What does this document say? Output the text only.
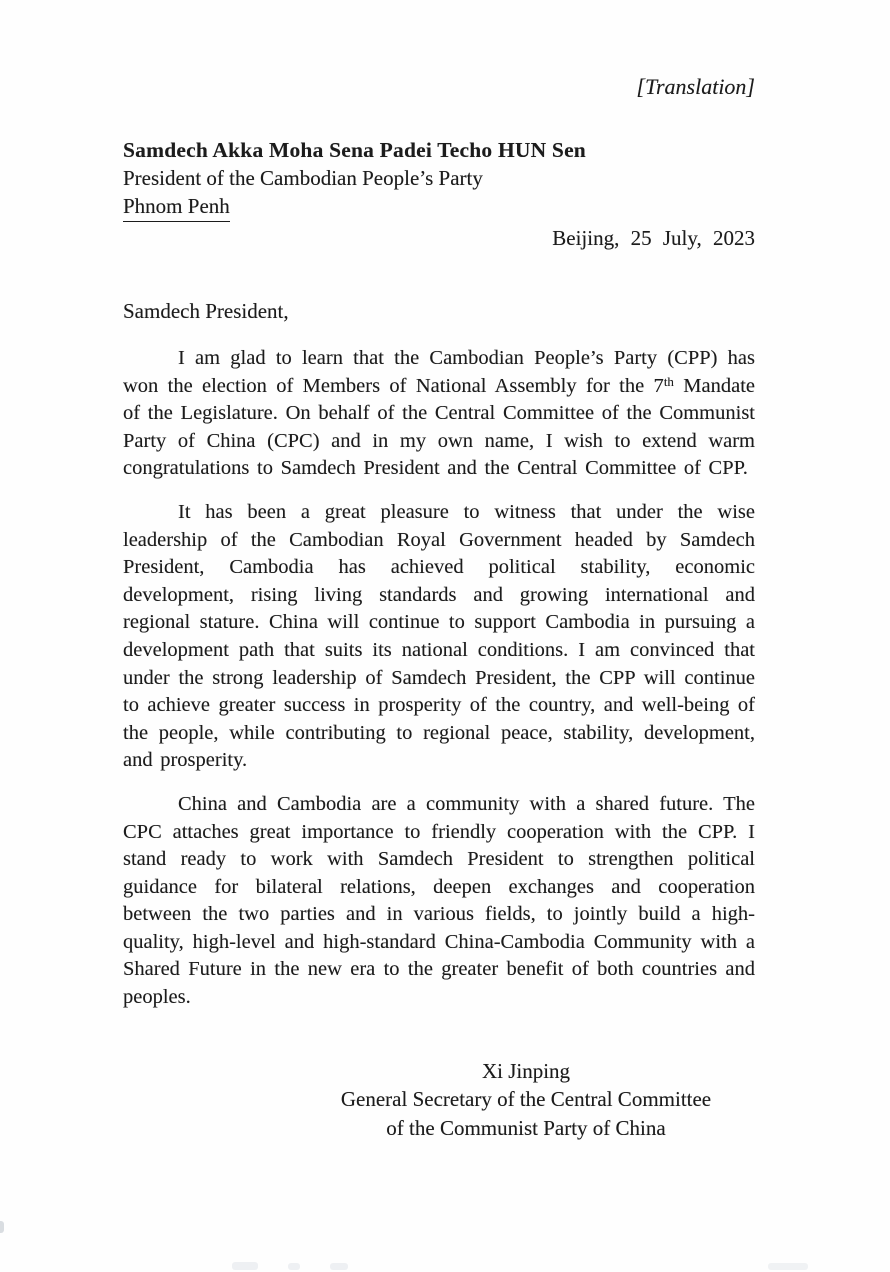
[Translation]
Samdech Akka Moha Sena Padei Techo HUN Sen
President of the Cambodian People’s Party
Phnom Penh
Beijing, 25 July, 2023
Samdech President,

I am glad to learn that the Cambodian People’s Party (CPP) has won the election of Members of National Assembly for the 7th Mandate of the Legislature. On behalf of the Central Committee of the Communist Party of China (CPC) and in my own name, I wish to extend warm congratulations to Samdech President and the Central Committee of CPP.

It has been a great pleasure to witness that under the wise leadership of the Cambodian Royal Government headed by Samdech President, Cambodia has achieved political stability, economic development, rising living standards and growing international and regional stature. China will continue to support Cambodia in pursuing a development path that suits its national conditions. I am convinced that under the strong leadership of Samdech President, the CPP will continue to achieve greater success in prosperity of the country, and well-being of the people, while contributing to regional peace, stability, development, and prosperity.

China and Cambodia are a community with a shared future. The CPC attaches great importance to friendly cooperation with the CPP. I stand ready to work with Samdech President to strengthen political guidance for bilateral relations, deepen exchanges and cooperation between the two parties and in various fields, to jointly build a high-quality, high-level and high-standard China-Cambodia Community with a Shared Future in the new era to the greater benefit of both countries and peoples.

Xi Jinping
General Secretary of the Central Committee
of the Communist Party of China
